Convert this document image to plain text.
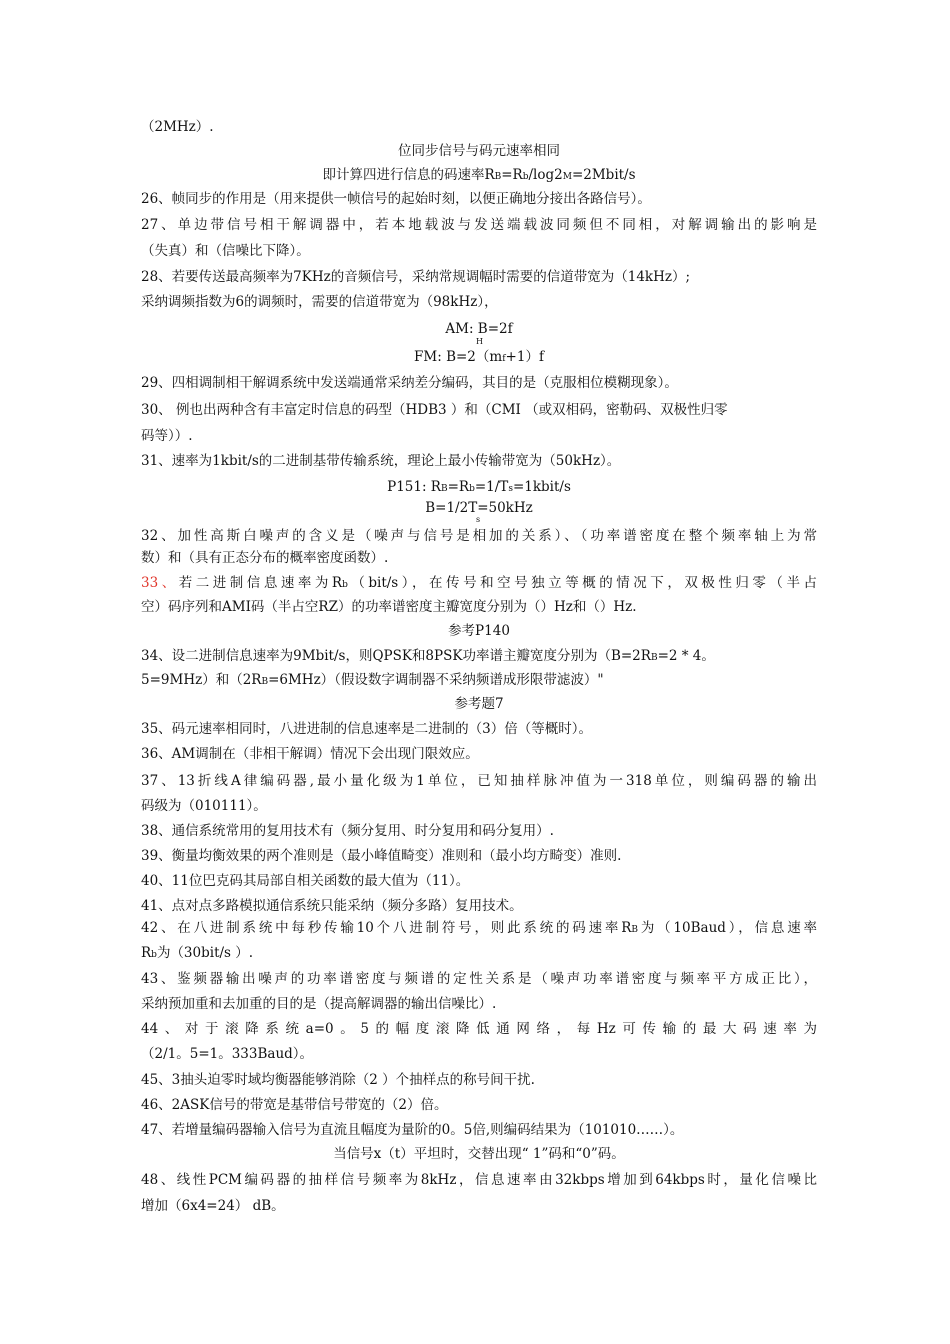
（2MHz）.
位同步信号与码元速率相同
即计算四进行信息的码速率RB=Rb/log2M=2Mbit/s
26、帧同步的作用是（用来提供一帧信号的起始时刻，以便正确地分接出各路信号）。
27、单边带信号相干解调器中，若本地载波与发送端载波同频但不同相，对解调输出的影响是
（失真）和（信噪比下降）。
28、若要传送最高频率为7KHz的音频信号，采纳常规调幅时需要的信道带宽为（14kHz）;
采纳调频指数为6的调频时，需要的信道带宽为（98kHz），
AM: B=2f
H
FM: B=2（mf+1）f
29、四相调制相干解调系统中发送端通常采纳差分编码，其目的是（克服相位模糊现象）。
30、 例也出两种含有丰富定时信息的码型（HDB3 ）和（CMI （或双相码，密勒码、双极性归零
码等））.
31、速率为1kbit/s的二进制基带传输系统，理论上最小传输带宽为（50kHz）。
P151: RB=Rb=1/Ts=1kbit/s
B=1/2T=50kHz
s
32、加性高斯白噪声的含义是（噪声与信号是相加的关系）、（功率谱密度在整个频率轴上为常
数）和（具有正态分布的概率密度函数）.
33、若二进制信息速率为Rb（bit/s），在传号和空号独立等概的情况下，双极性归零（半占
空）码序列和AMI码（半占空RZ）的功率谱密度主瓣宽度分别为（）Hz和（）Hz.
参考P140
34、设二进制信息速率为9Mbit/s，则QPSK和8PSK功率谱主瓣宽度分别为（B=2RB=2 * 4。
5=9MHz）和（2RB=6MHz）（假设数字调制器不采纳频谱成形限带滤波）"
参考题7
35、码元速率相同时，八进进制的信息速率是二进制的（3）倍（等概时）。
36、AM调制在（非相干解调）情况下会出现门限效应。
37、13折线A律编码器,最小量化级为1单位，已知抽样脉冲值为一318单位，则编码器的输出
码级为（010111）。
38、通信系统常用的复用技术有（频分复用、时分复用和码分复用）.
39、衡量均衡效果的两个准则是（最小峰值畸变）准则和（最小均方畸变）准则.
40、11位巴克码其局部自相关函数的最大值为（11）。
41、点对点多路模拟通信系统只能采纳（频分多路）复用技术。
42、在八进制系统中每秒传输10个八进制符号，则此系统的码速率RB为（10Baud），信息速率
Rb为（30bit/s ）.
43、鉴频器输出噪声的功率谱密度与频谱的定性关系是（噪声功率谱密度与频率平方成正比），
采纳预加重和去加重的目的是（提高解调器的输出信噪比）.
44、对于滚降系统a=0。5的幅度滚降低通网络，每Hz可传输的最大码速率为
（2/1。5=1。333Baud）。
45、3抽头迫零时域均衡器能够消除（2 ）个抽样点的称号间干扰.
46、2ASK信号的带宽是基带信号带宽的（2）倍。
47、若增量编码器输入信号为直流且幅度为量阶的0。5倍,则编码结果为（101010……）。
当信号x（t）平坦时，交替出现“ 1”码和“0”码。
48、线性PCM编码器的抽样信号频率为8kHz，信息速率由32kbps增加到64kbps时，量化信噪比
增加（6x4=24） dB。
